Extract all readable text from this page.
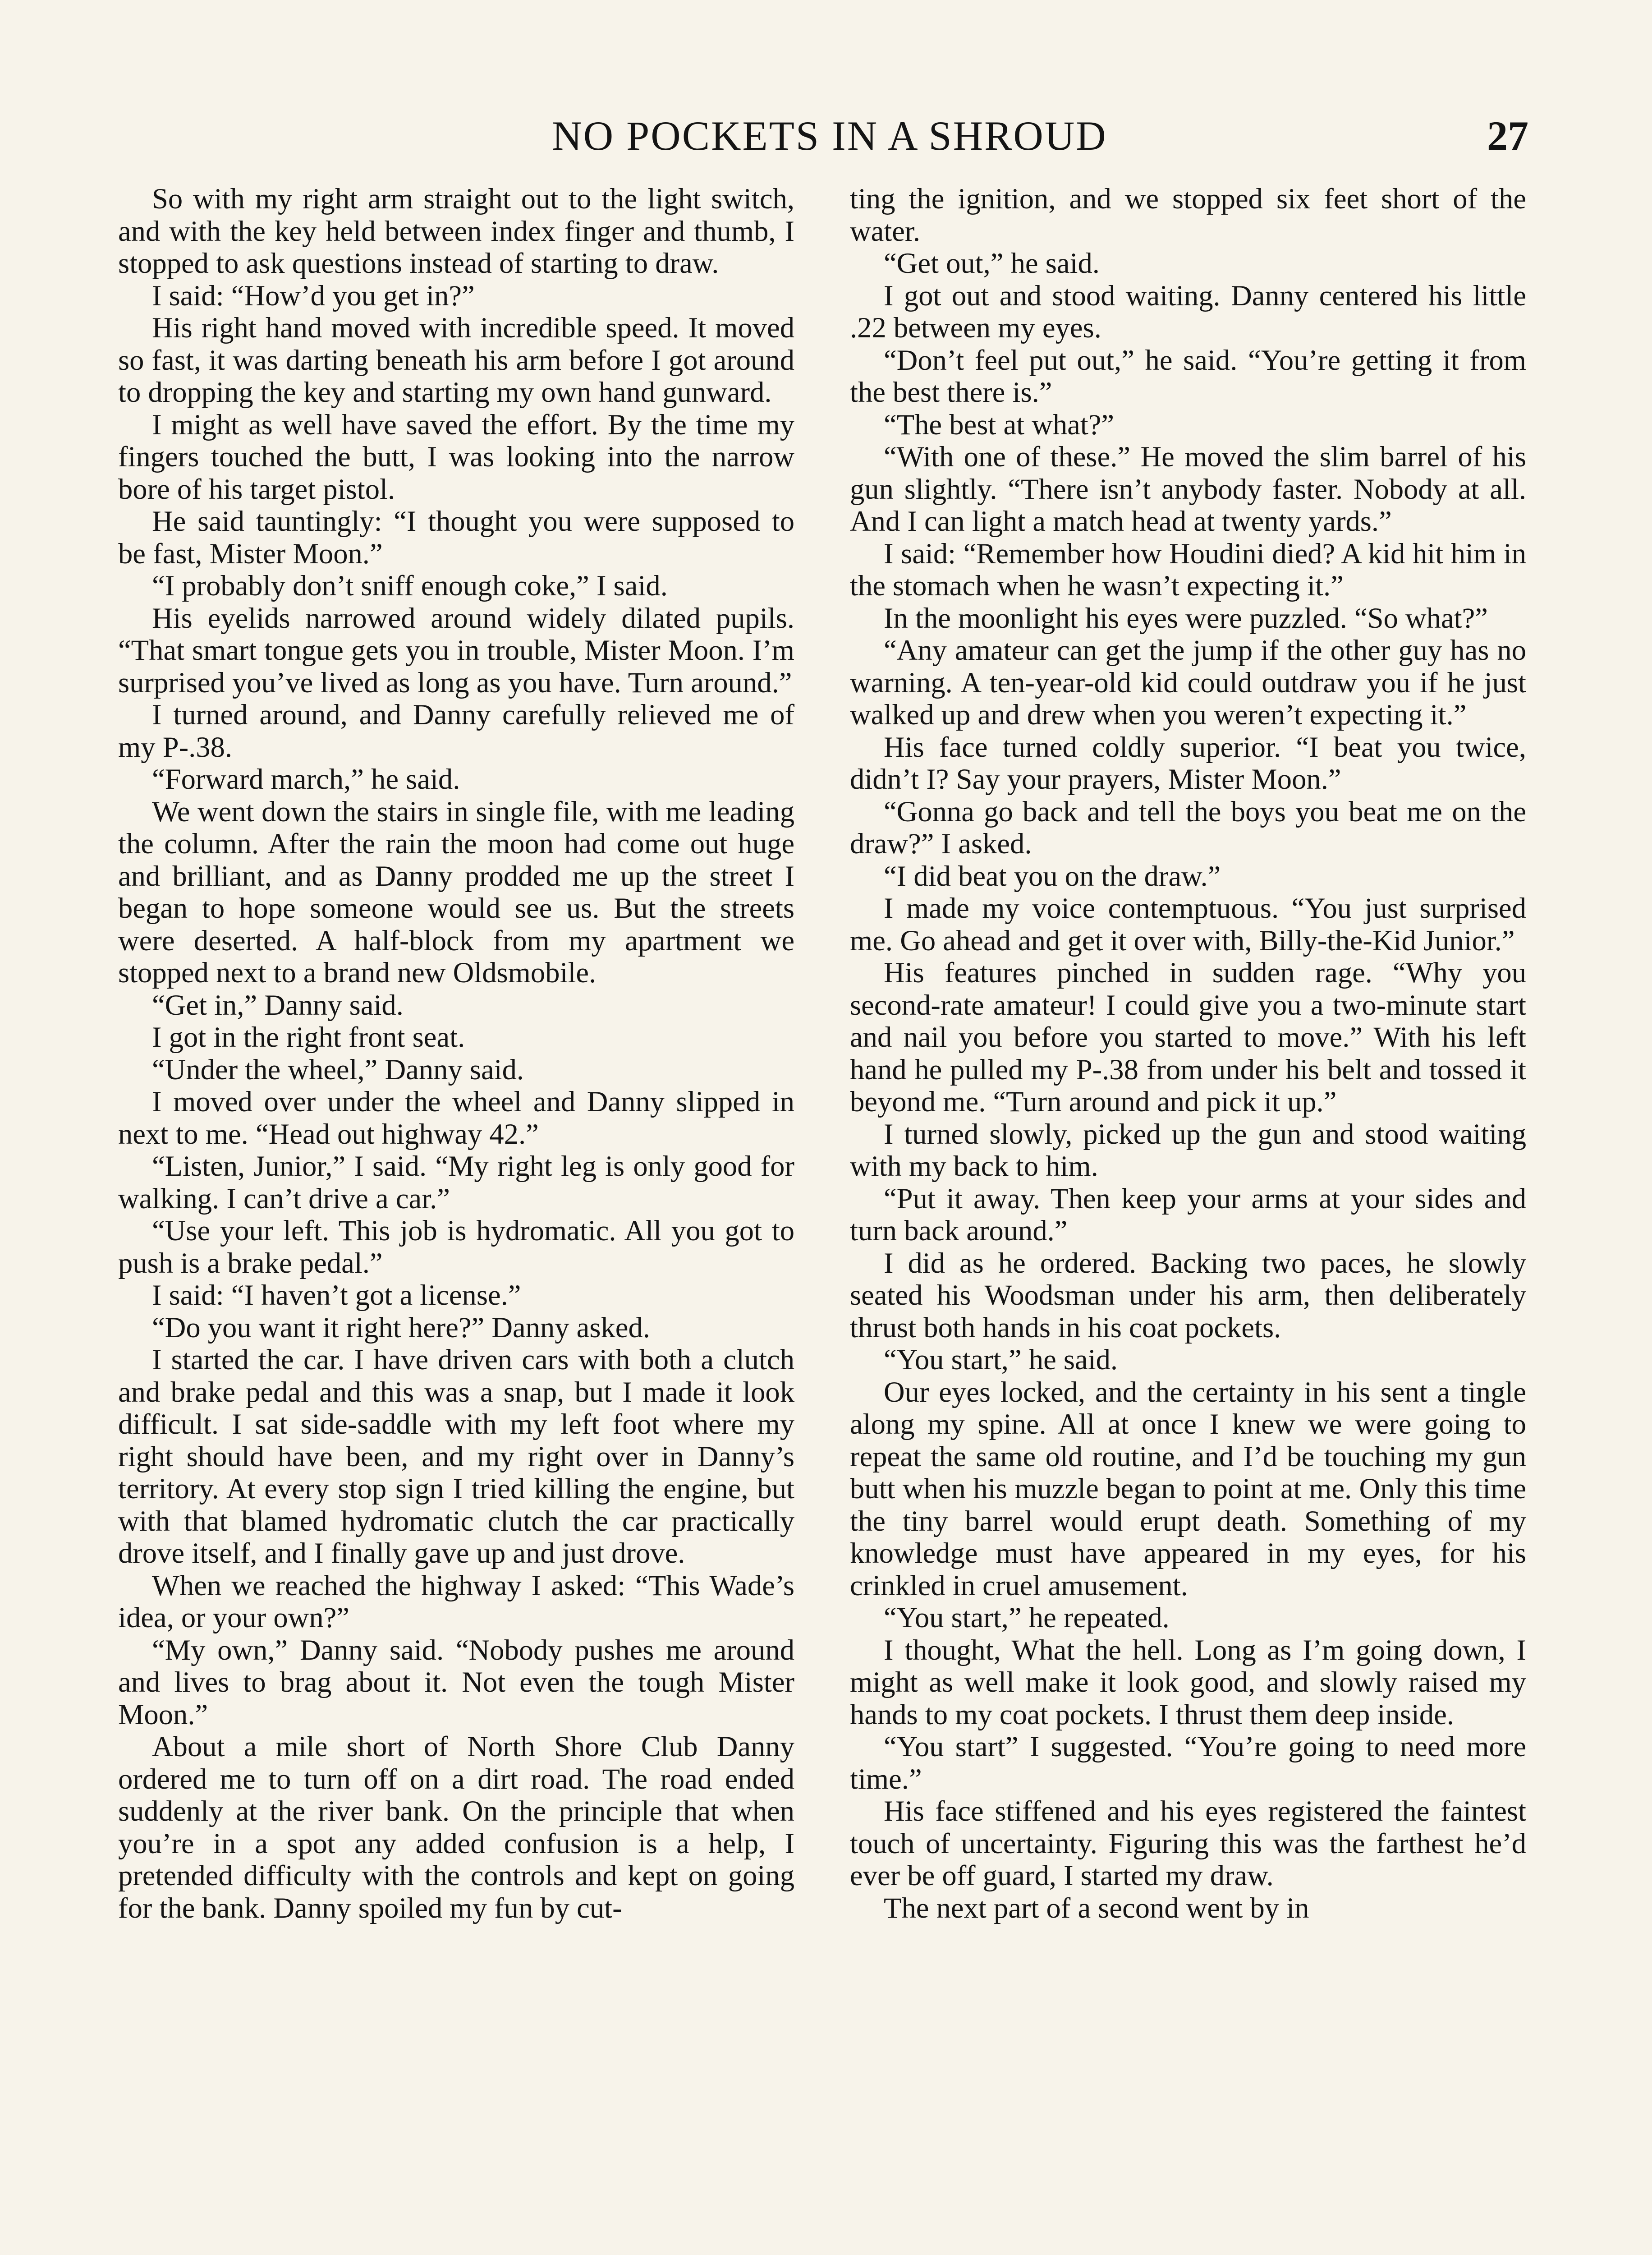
NO POCKETS IN A SHROUD	27

So with my right arm straight out to the light switch, and with the key held between index finger and thumb, I stopped to ask questions instead of starting to draw.

I said: “How’d you get in?”

His right hand moved with incredible speed. It moved so fast, it was darting beneath his arm before I got around to dropping the key and starting my own hand gunward.

I might as well have saved the effort. By the time my fingers touched the butt, I was looking into the narrow bore of his target pistol.

He said tauntingly: “I thought you were supposed to be fast, Mister Moon.”

“I probably don’t sniff enough coke,” I said.

His eyelids narrowed around widely dilated pupils. “That smart tongue gets you in trouble, Mister Moon. I’m surprised you’ve lived as long as you have. Turn around.”

I turned around, and Danny carefully relieved me of my P-.38.

“Forward march,” he said.

We went down the stairs in single file, with me leading the column. After the rain the moon had come out huge and brilliant, and as Danny prodded me up the street I began to hope someone would see us. But the streets were deserted. A half-block from my apartment we stopped next to a brand new Oldsmobile.

“Get in,” Danny said.

I got in the right front seat.

“Under the wheel,” Danny said.

I moved over under the wheel and Danny slipped in next to me. “Head out highway 42.”

“Listen, Junior,” I said. “My right leg is only good for walking. I can’t drive a car.”

“Use your left. This job is hydromatic. All you got to push is a brake pedal.”

I said: “I haven’t got a license.”

“Do you want it right here?” Danny asked.

I started the car. I have driven cars with both a clutch and brake pedal and this was a snap, but I made it look difficult. I sat side-saddle with my left foot where my right should have been, and my right over in Danny’s territory. At every stop sign I tried killing the engine, but with that blamed hydromatic clutch the car practically drove itself, and I finally gave up and just drove.

When we reached the highway I asked: “This Wade’s idea, or your own?”

“My own,” Danny said. “Nobody pushes me around and lives to brag about it. Not even the tough Mister Moon.”

About a mile short of North Shore Club Danny ordered me to turn off on a dirt road. The road ended suddenly at the river bank. On the principle that when you’re in a spot any added confusion is a help, I pretended difficulty with the controls and kept on going for the bank. Danny spoiled my fun by cut-

ting the ignition, and we stopped six feet short of the water.

“Get out,” he said.

I got out and stood waiting. Danny centered his little .22 between my eyes.

“Don’t feel put out,” he said. “You’re getting it from the best there is.”

“The best at what?”

“With one of these.” He moved the slim barrel of his gun slightly. “There isn’t anybody faster. Nobody at all. And I can light a match head at twenty yards.”

I said: “Remember how Houdini died? A kid hit him in the stomach when he wasn’t expecting it.”

In the moonlight his eyes were puzzled. “So what?”

“Any amateur can get the jump if the other guy has no warning. A ten-year-old kid could outdraw you if he just walked up and drew when you weren’t expecting it.”

His face turned coldly superior. “I beat you twice, didn’t I? Say your prayers, Mister Moon.”

“Gonna go back and tell the boys you beat me on the draw?” I asked.

“I did beat you on the draw.”

I made my voice contemptuous. “You just surprised me. Go ahead and get it over with, Billy-the-Kid Junior.”

His features pinched in sudden rage. “Why you second-rate amateur! I could give you a two-minute start and nail you before you started to move.” With his left hand he pulled my P-.38 from under his belt and tossed it beyond me. “Turn around and pick it up.”

I turned slowly, picked up the gun and stood waiting with my back to him.

“Put it away. Then keep your arms at your sides and turn back around.”

I did as he ordered. Backing two paces, he slowly seated his Woodsman under his arm, then deliberately thrust both hands in his coat pockets.

“You start,” he said.

Our eyes locked, and the certainty in his sent a tingle along my spine. All at once I knew we were going to repeat the same old routine, and I’d be touching my gun butt when his muzzle began to point at me. Only this time the tiny barrel would erupt death. Something of my knowledge must have appeared in my eyes, for his crinkled in cruel amusement.

“You start,” he repeated.

I thought, What the hell. Long as I’m going down, I might as well make it look good, and slowly raised my hands to my coat pockets. I thrust them deep inside.

“You start” I suggested. “You’re going to need more time.”

His face stiffened and his eyes registered the faintest touch of uncertainty. Figuring this was the farthest he’d ever be off guard, I started my draw.

The next part of a second went by in
